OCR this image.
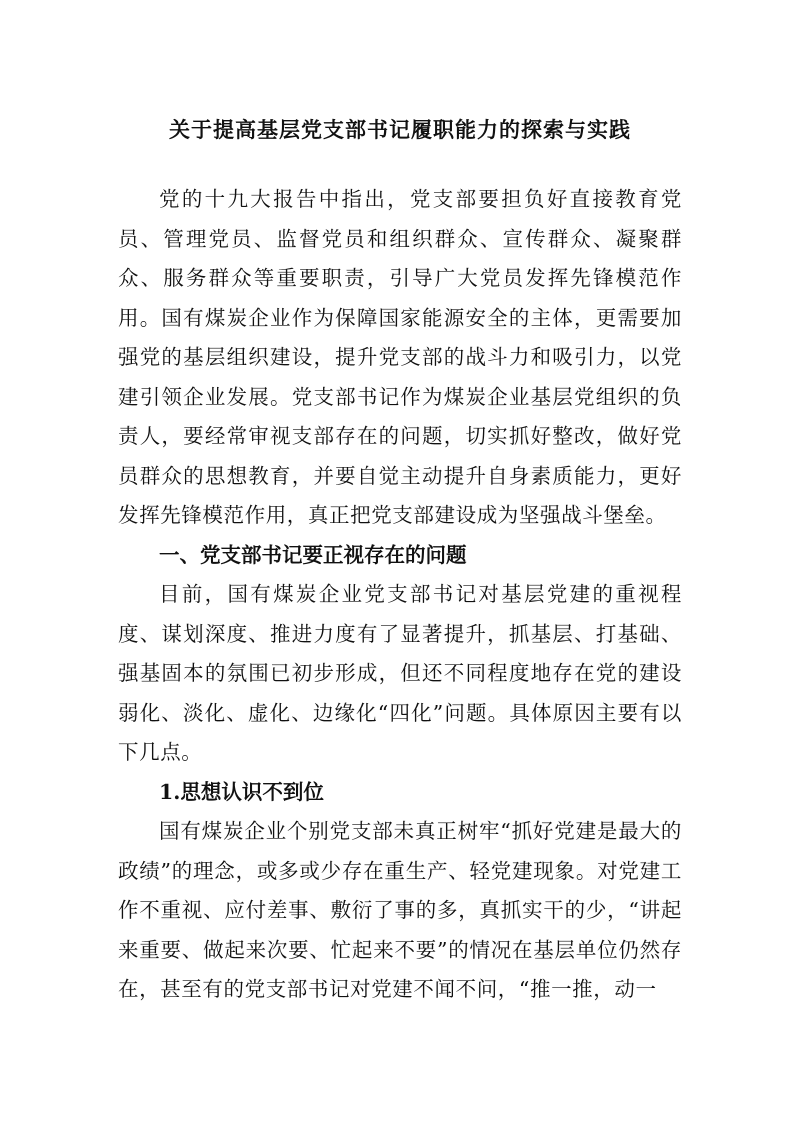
关于提高基层党支部书记履职能力的探索与实践

党的十九大报告中指出，党支部要担负好直接教育党员、管理党员、监督党员和组织群众、宣传群众、凝聚群众、服务群众等重要职责，引导广大党员发挥先锋模范作用。国有煤炭企业作为保障国家能源安全的主体，更需要加强党的基层组织建设，提升党支部的战斗力和吸引力，以党建引领企业发展。党支部书记作为煤炭企业基层党组织的负责人，要经常审视支部存在的问题，切实抓好整改，做好党员群众的思想教育，并要自觉主动提升自身素质能力，更好发挥先锋模范作用，真正把党支部建设成为坚强战斗堡垒。

一、党支部书记要正视存在的问题

目前，国有煤炭企业党支部书记对基层党建的重视程度、谋划深度、推进力度有了显著提升，抓基层、打基础、强基固本的氛围已初步形成，但还不同程度地存在党的建设弱化、淡化、虚化、边缘化“四化”问题。具体原因主要有以下几点。

1.思想认识不到位

国有煤炭企业个别党支部未真正树牢“抓好党建是最大的政绩”的理念，或多或少存在重生产、轻党建现象。对党建工作不重视、应付差事、敷衍了事的多，真抓实干的少，“讲起来重要、做起来次要、忙起来不要”的情况在基层单位仍然存在，甚至有的党支部书记对党建不闻不问，“推一推，动一
